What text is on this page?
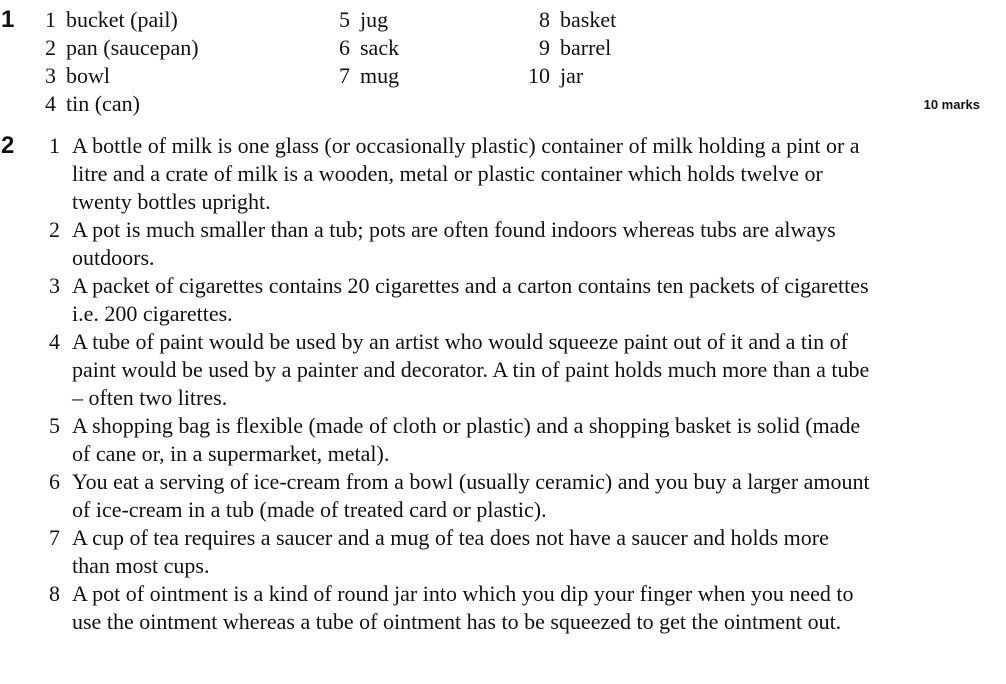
1	1 bucket (pail)
2 pan (saucepan)
3 bowl
4 tin (can)
5 jug
6 sack
7 mug
8 basket
9 barrel
10 jar
10 marks
2	1 A bottle of milk is one glass (or occasionally plastic) container of milk holding a pint or a litre and a crate of milk is a wooden, metal or plastic container which holds twelve or twenty bottles upright.
2 A pot is much smaller than a tub; pots are often found indoors whereas tubs are always outdoors.
3 A packet of cigarettes contains 20 cigarettes and a carton contains ten packets of cigarettes i.e. 200 cigarettes.
4 A tube of paint would be used by an artist who would squeeze paint out of it and a tin of paint would be used by a painter and decorator. A tin of paint holds much more than a tube – often two litres.
5 A shopping bag is flexible (made of cloth or plastic) and a shopping basket is solid (made of cane or, in a supermarket, metal).
6 You eat a serving of ice-cream from a bowl (usually ceramic) and you buy a larger amount of ice-cream in a tub (made of treated card or plastic).
7 A cup of tea requires a saucer and a mug of tea does not have a saucer and holds more than most cups.
8 A pot of ointment is a kind of round jar into which you dip your finger when you need to use the ointment whereas a tube of ointment has to be squeezed to get the ointment out.
